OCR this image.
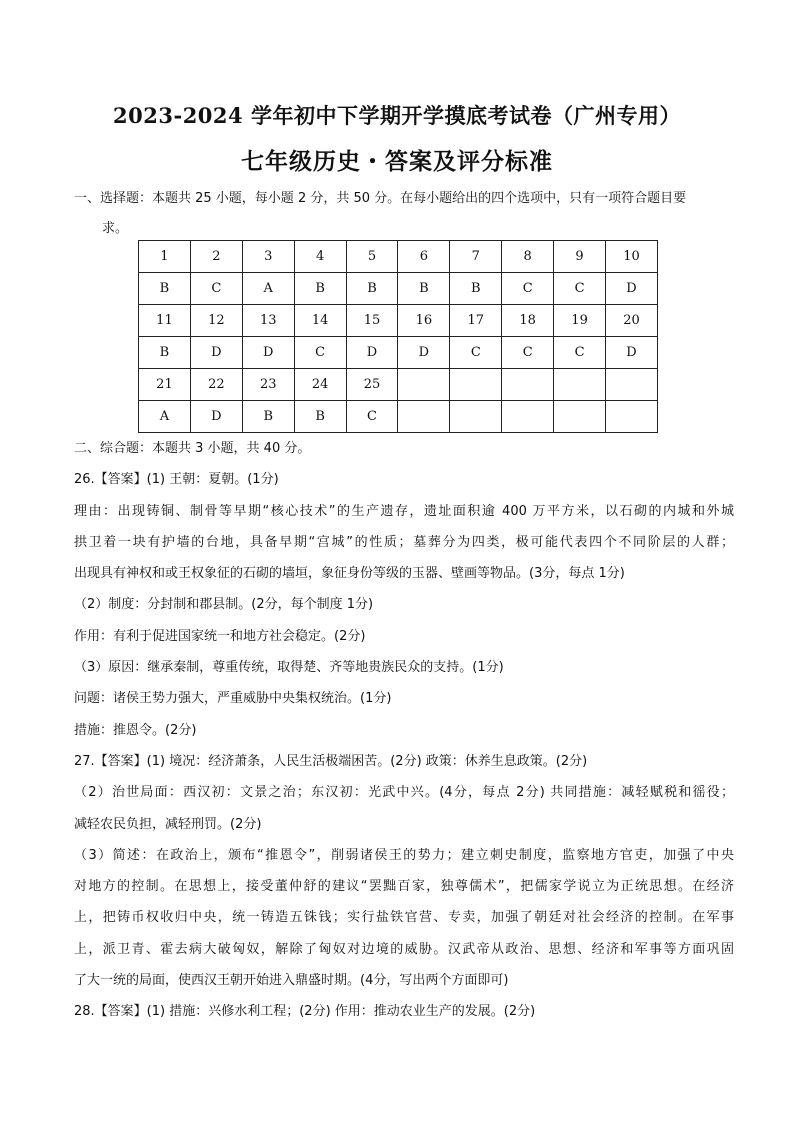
2023-2024 学年初中下学期开学摸底考试卷（广州专用）
七年级历史・答案及评分标准
一、选择题：本题共 25 小题，每小题 2 分，共 50 分。在每小题给出的四个选项中，只有一项符合题目要
求。
1	2	3	4	5	6	7	8	9	10
B	C	A	B	B	B	B	C	C	D
11	12	13	14	15	16	17	18	19	20
B	D	D	C	D	D	C	C	C	D
21	22	23	24	25					
A	D	B	B	C					
二、综合题：本题共 3 小题，共 40 分。
26.【答案】(1) 王朝：夏朝。(1分)
理由：出现铸铜、制骨等早期“核心技术”的生产遗存，遗址面积逾 400 万平方米，以石砌的内城和外城
拱卫着一块有护墙的台地，具备早期“宫城”的性质；墓葬分为四类，极可能代表四个不同阶层的人群；
出现具有神权和或王权象征的石砌的墙垣，象征身份等级的玉器、壁画等物品。(3分，每点 1分)
（2）制度：分封制和郡县制。(2分，每个制度 1分)
作用：有利于促进国家统一和地方社会稳定。(2分)
（3）原因：继承秦制，尊重传统，取得楚、齐等地贵族民众的支持。(1分)
问题：诸侯王势力强大，严重威胁中央集权统治。(1分)
措施：推恩令。(2分)
27.【答案】(1) 境况：经济萧条，人民生活极端困苦。(2分) 政策：休养生息政策。(2分)
（2）治世局面：西汉初：文景之治；东汉初：光武中兴。(4分，每点 2分) 共同措施：减轻赋税和徭役；
减轻农民负担，减轻刑罚。(2分)
（3）简述：在政治上，颁布“推恩令”，削弱诸侯王的势力；建立刺史制度，监察地方官吏，加强了中央
对地方的控制。在思想上，接受董仲舒的建议“罢黜百家，独尊儒术”，把儒家学说立为正统思想。在经济
上，把铸币权收归中央，统一铸造五铢钱；实行盐铁官营、专卖，加强了朝廷对社会经济的控制。在军事
上，派卫青、霍去病大破匈奴，解除了匈奴对边境的威胁。汉武帝从政治、思想、经济和军事等方面巩固
了大一统的局面，使西汉王朝开始进入鼎盛时期。(4分，写出两个方面即可)
28.【答案】(1) 措施：兴修水利工程；(2分) 作用：推动农业生产的发展。(2分)
